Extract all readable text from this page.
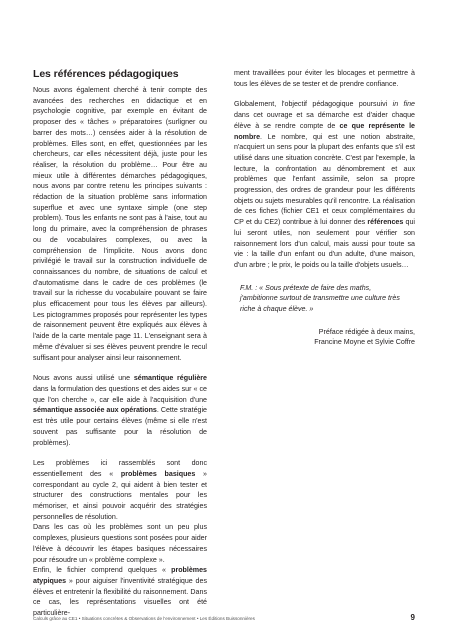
Les références pédagogiques

Nous avons également cherché à tenir compte des avancées des recherches en didactique et en psychologie cognitive, par exemple en évitant de proposer des « tâches » préparatoires (surligner ou barrer des mots…) censées aider à la résolution de problèmes. Elles sont, en effet, questionnées par les chercheurs, car elles nécessitent déjà, juste pour les réaliser, la résolution du problème… Pour être au mieux utile à différentes démarches pédagogiques, nous avons par contre retenu les principes suivants : rédaction de la situation problème sans information superflue et avec une syntaxe simple (one step problem). Tous les enfants ne sont pas à l'aise, tout au long du primaire, avec la compréhension de phrases ou de vocabulaires complexes, ou avec la compréhension de l'implicite. Nous avons donc privilégié le travail sur la construction individuelle de connaissances du nombre, de situations de calcul et d'automatisme dans le cadre de ces problèmes (le travail sur la richesse du vocabulaire pouvant se faire plus efficacement pour tous les élèves par ailleurs). Les pictogrammes proposés pour représenter les types de raisonnement peuvent être expliqués aux élèves à l'aide de la carte mentale page 11. L'enseignant sera à même d'évaluer si ses élèves peuvent prendre le recul suffisant pour analyser ainsi leur raisonnement.

Nous avons aussi utilisé une sémantique régulière dans la formulation des questions et des aides sur « ce que l'on cherche », car elle aide à l'acquisition d'une sémantique associée aux opérations. Cette stratégie est très utile pour certains élèves (même si elle n'est souvent pas suffisante pour la résolution de problèmes).

Les problèmes ici rassemblés sont donc essentiellement des « problèmes basiques » correspondant au cycle 2, qui aident à bien tester et structurer des constructions mentales pour les mémoriser, et ainsi pouvoir acquérir des stratégies personnelles de résolution.

Dans les cas où les problèmes sont un peu plus complexes, plusieurs questions sont posées pour aider l'élève à découvrir les étapes basiques nécessaires pour résoudre un « problème complexe ».

Enfin, le fichier comprend quelques « problèmes atypiques » pour aiguiser l'inventivité stratégique des élèves et entretenir la flexibilité du raisonnement. Dans ce cas, les représentations visuelles ont été particulière-

ment travaillées pour éviter les blocages et permettre à tous les élèves de se tester et de prendre confiance.

Globalement, l'objectif pédagogique poursuivi in fine dans cet ouvrage et sa démarche est d'aider chaque élève à se rendre compte de ce que représente le nombre. Le nombre, qui est une notion abstraite, n'acquiert un sens pour la plupart des enfants que s'il est utilisé dans une situation concrète. C'est par l'exemple, la lecture, la confrontation au dénombrement et aux problèmes que l'enfant assimile, selon sa propre progression, des ordres de grandeur pour les différents objets ou sujets mesurables qu'il rencontre. La réalisation de ces fiches (fichier CE1 et ceux complémentaires du CP et du CE2) contribue à lui donner des références qui lui seront utiles, non seulement pour vérifier son raisonnement lors d'un calcul, mais aussi pour toute sa vie : la taille d'un enfant ou d'un adulte, d'une maison, d'un arbre ; le prix, le poids ou la taille d'objets usuels…

F.M. : « Sous prétexte de faire des maths, j'ambitionne surtout de transmettre une culture très riche à chaque élève. »
Préface rédigée à deux mains,
Francine Moyne et Sylvie Coffre
Calculs grâce au CE1 • Situations concrètes & Observations de l'environnement • Les Éditions Buissonnières	9
